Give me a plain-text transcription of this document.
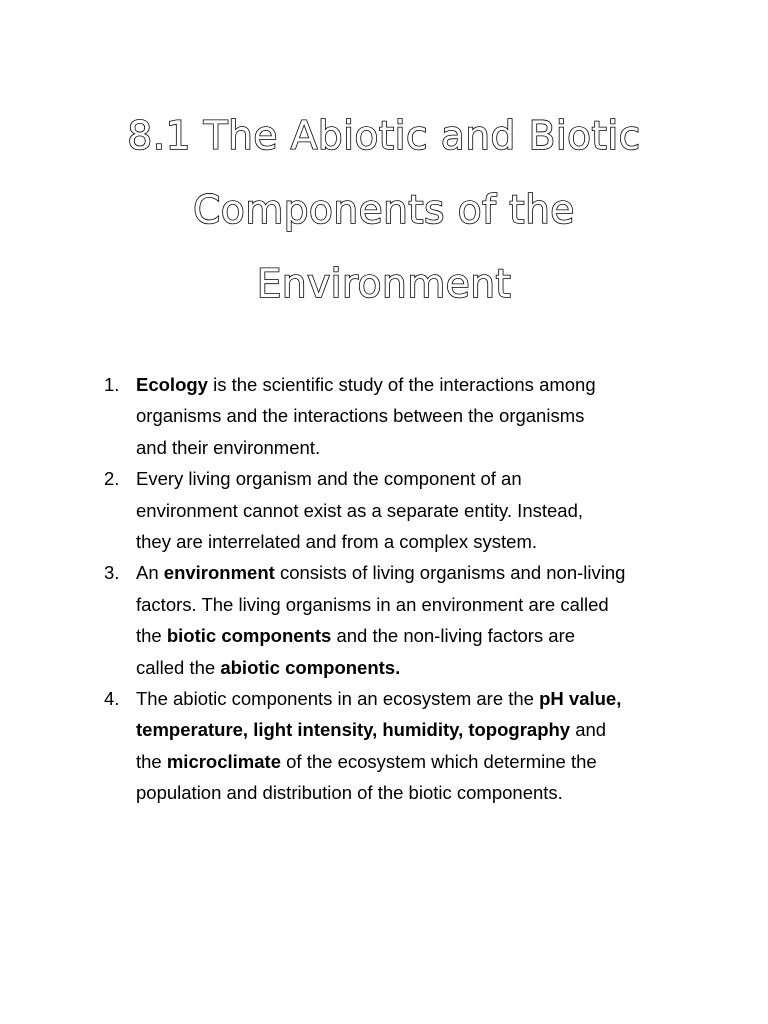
8.1 The Abiotic and Biotic
Components of the
Environment
1. Ecology is the scientific study of the interactions among
organisms and the interactions between the organisms
and their environment.
2. Every living organism and the component of an
environment cannot exist as a separate entity. Instead,
they are interrelated and from a complex system.
3. An environment consists of living organisms and non-living
factors. The living organisms in an environment are called
the biotic components and the non-living factors are
called the abiotic components.
4. The abiotic components in an ecosystem are the pH value,
temperature, light intensity, humidity, topography and
the microclimate of the ecosystem which determine the
population and distribution of the biotic components.
